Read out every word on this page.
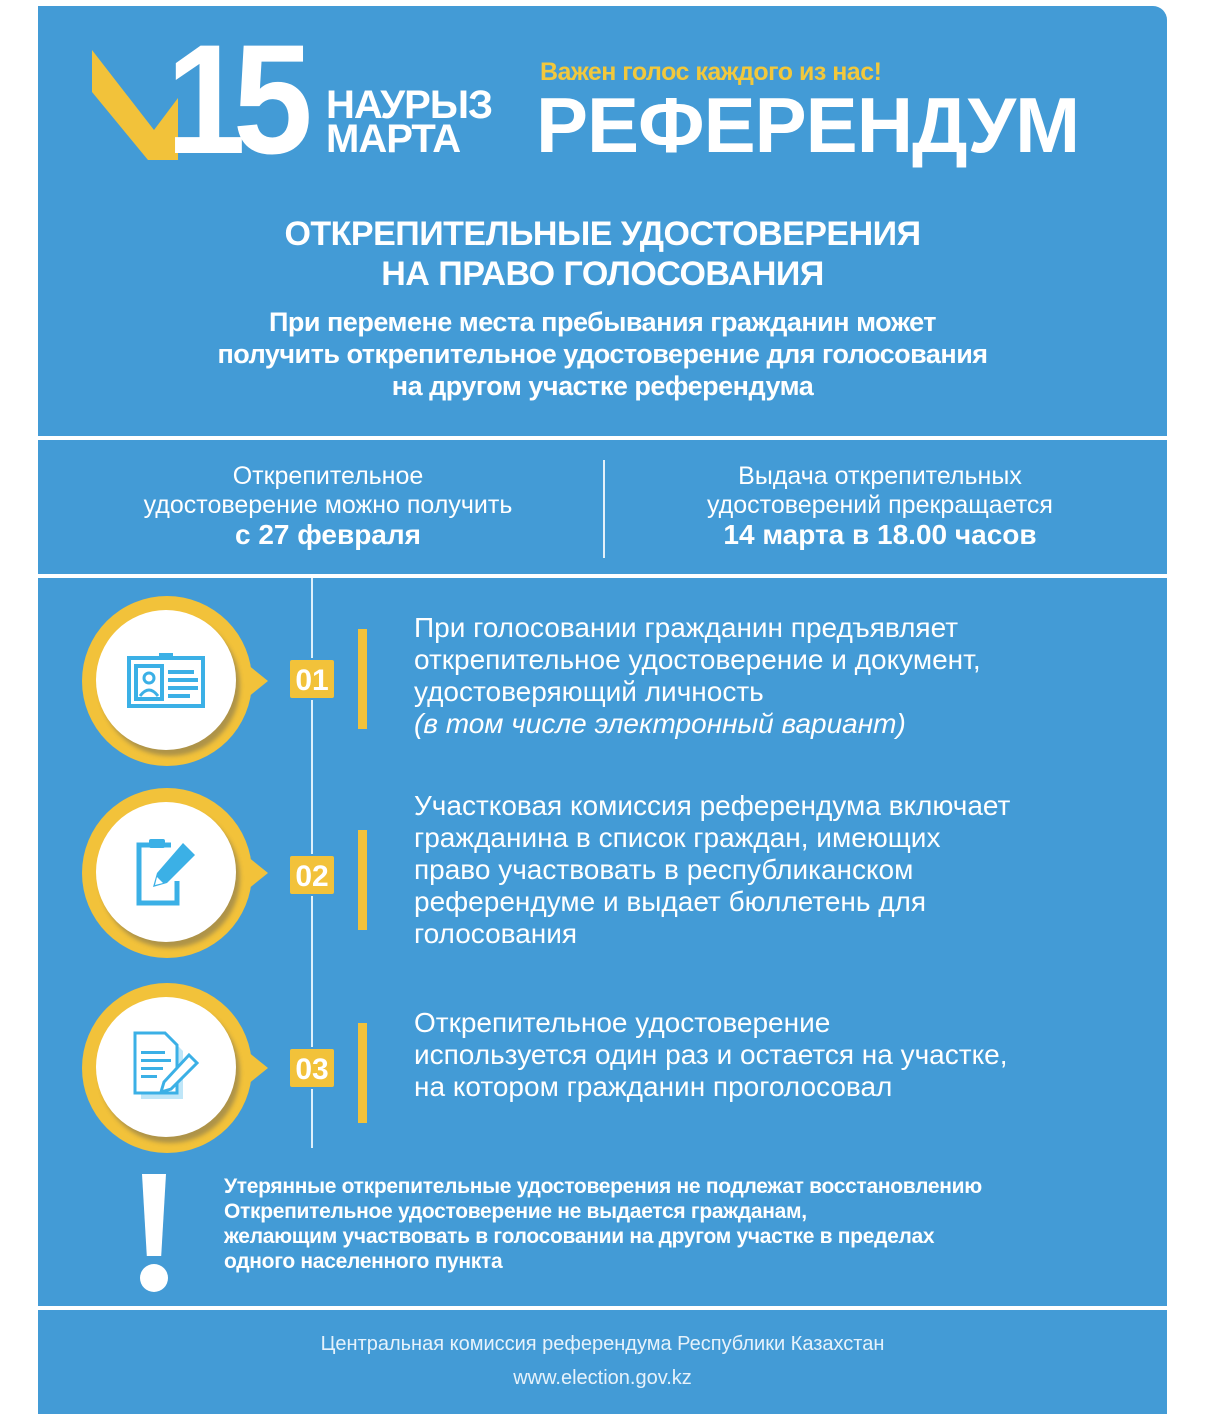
15 НАУРЫЗ
МАРТА
Важен голос каждого из нас!
РЕФЕРЕНДУМ
ОТКРЕПИТЕЛЬНЫЕ УДОСТОВЕРЕНИЯ
НА ПРАВО ГОЛОСОВАНИЯ
При перемене места пребывания гражданин может
получить открепительное удостоверение для голосования
на другом участке референдума
Открепительное
удостоверение можно получить
с 27 февраля
Выдача открепительных
удостоверений прекращается
14 марта в 18.00 часов
01
При голосовании гражданин предъявляет
открепительное удостоверение и документ,
удостоверяющий личность
(в том числе электронный вариант)
02
Участковая комиссия референдума включает
гражданина в список граждан, имеющих
право участвовать в республиканском
референдуме и выдает бюллетень для
голосования
03
Открепительное удостоверение
используется один раз и остается на участке,
на котором гражданин проголосовал
Утерянные открепительные удостоверения не подлежат восстановлению
Открепительное удостоверение не выдается гражданам,
желающим участвовать в голосовании на другом участке в пределах
одного населенного пункта
Центральная комиссия референдума Республики Казахстан
www.election.gov.kz
